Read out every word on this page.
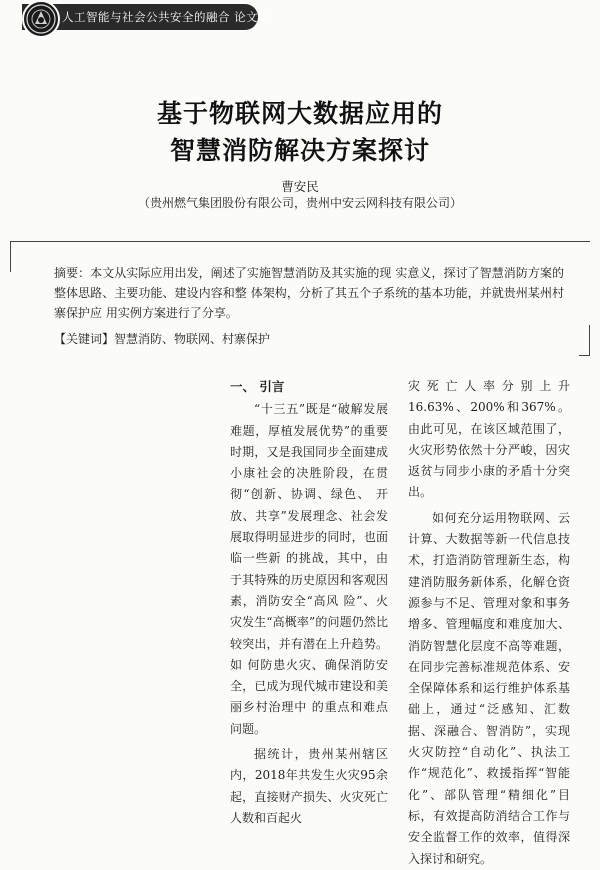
人工智能与社会公共安全的融合 论文集
基于物联网大数据应用的
智慧消防解决方案探讨
曹安民
（贵州燃气集团股份有限公司，贵州中安云网科技有限公司）
摘要：本文从实际应用出发，阐述了实施智慧消防及其实施的现 实意义，探讨了智慧消防方案的整体思路、主要功能、建设内容和整 体架构，分析了其五个子系统的基本功能，并就贵州某州村寨保护应 用实例方案进行了分享。
【关键词】智慧消防、物联网、村寨保护
一、 引言

“十三五”既是“破解发展难题，厚植发展优势”的重要时期，又是我国同步全面建成小康社会的决胜阶段，在贯彻“创新、协调、绿色、 开放、共享”发展理念、社会发展取得明显进步的同时，也面临一些新 的挑战，其中，由于其特殊的历史原因和客观因素，消防安全“高风 险”、火灾发生“高概率”的问题仍然比较突出，并有潜在上升趋势。如 何防患火灾、确保消防安全，已成为现代城市建设和美丽乡村治理中 的重点和难点问题。

据统计，贵州某州辖区内，2018年共发生火灾95余起，直接财产损失、火灾死亡人数和百起火

灾死亡人率分别上升16.63%、200%和367%。由此可见，在该区域范围了，火灾形势依然十分严峻，因灾返贫与同步小康的矛盾十分突出。

如何充分运用物联网、云计算、大数据等新一代信息技术，打造消防管理新生态，构建消防服务新体系，化解仓资源参与不足、管理对象和事务增多、管理幅度和难度加大、消防智慧化层度不高等难题，在同步完善标准规范体系、安全保障体系和运行维护体系基础上，通过“泛感知、汇数据、深融合、智消防”，实现火灾防控“自动化”、执法工作“规范化”、救援指挥“智能化”、部队管理“精细化”目标，有效提高防消结合工作与安全监督工作的效率，值得深入探讨和研究。
